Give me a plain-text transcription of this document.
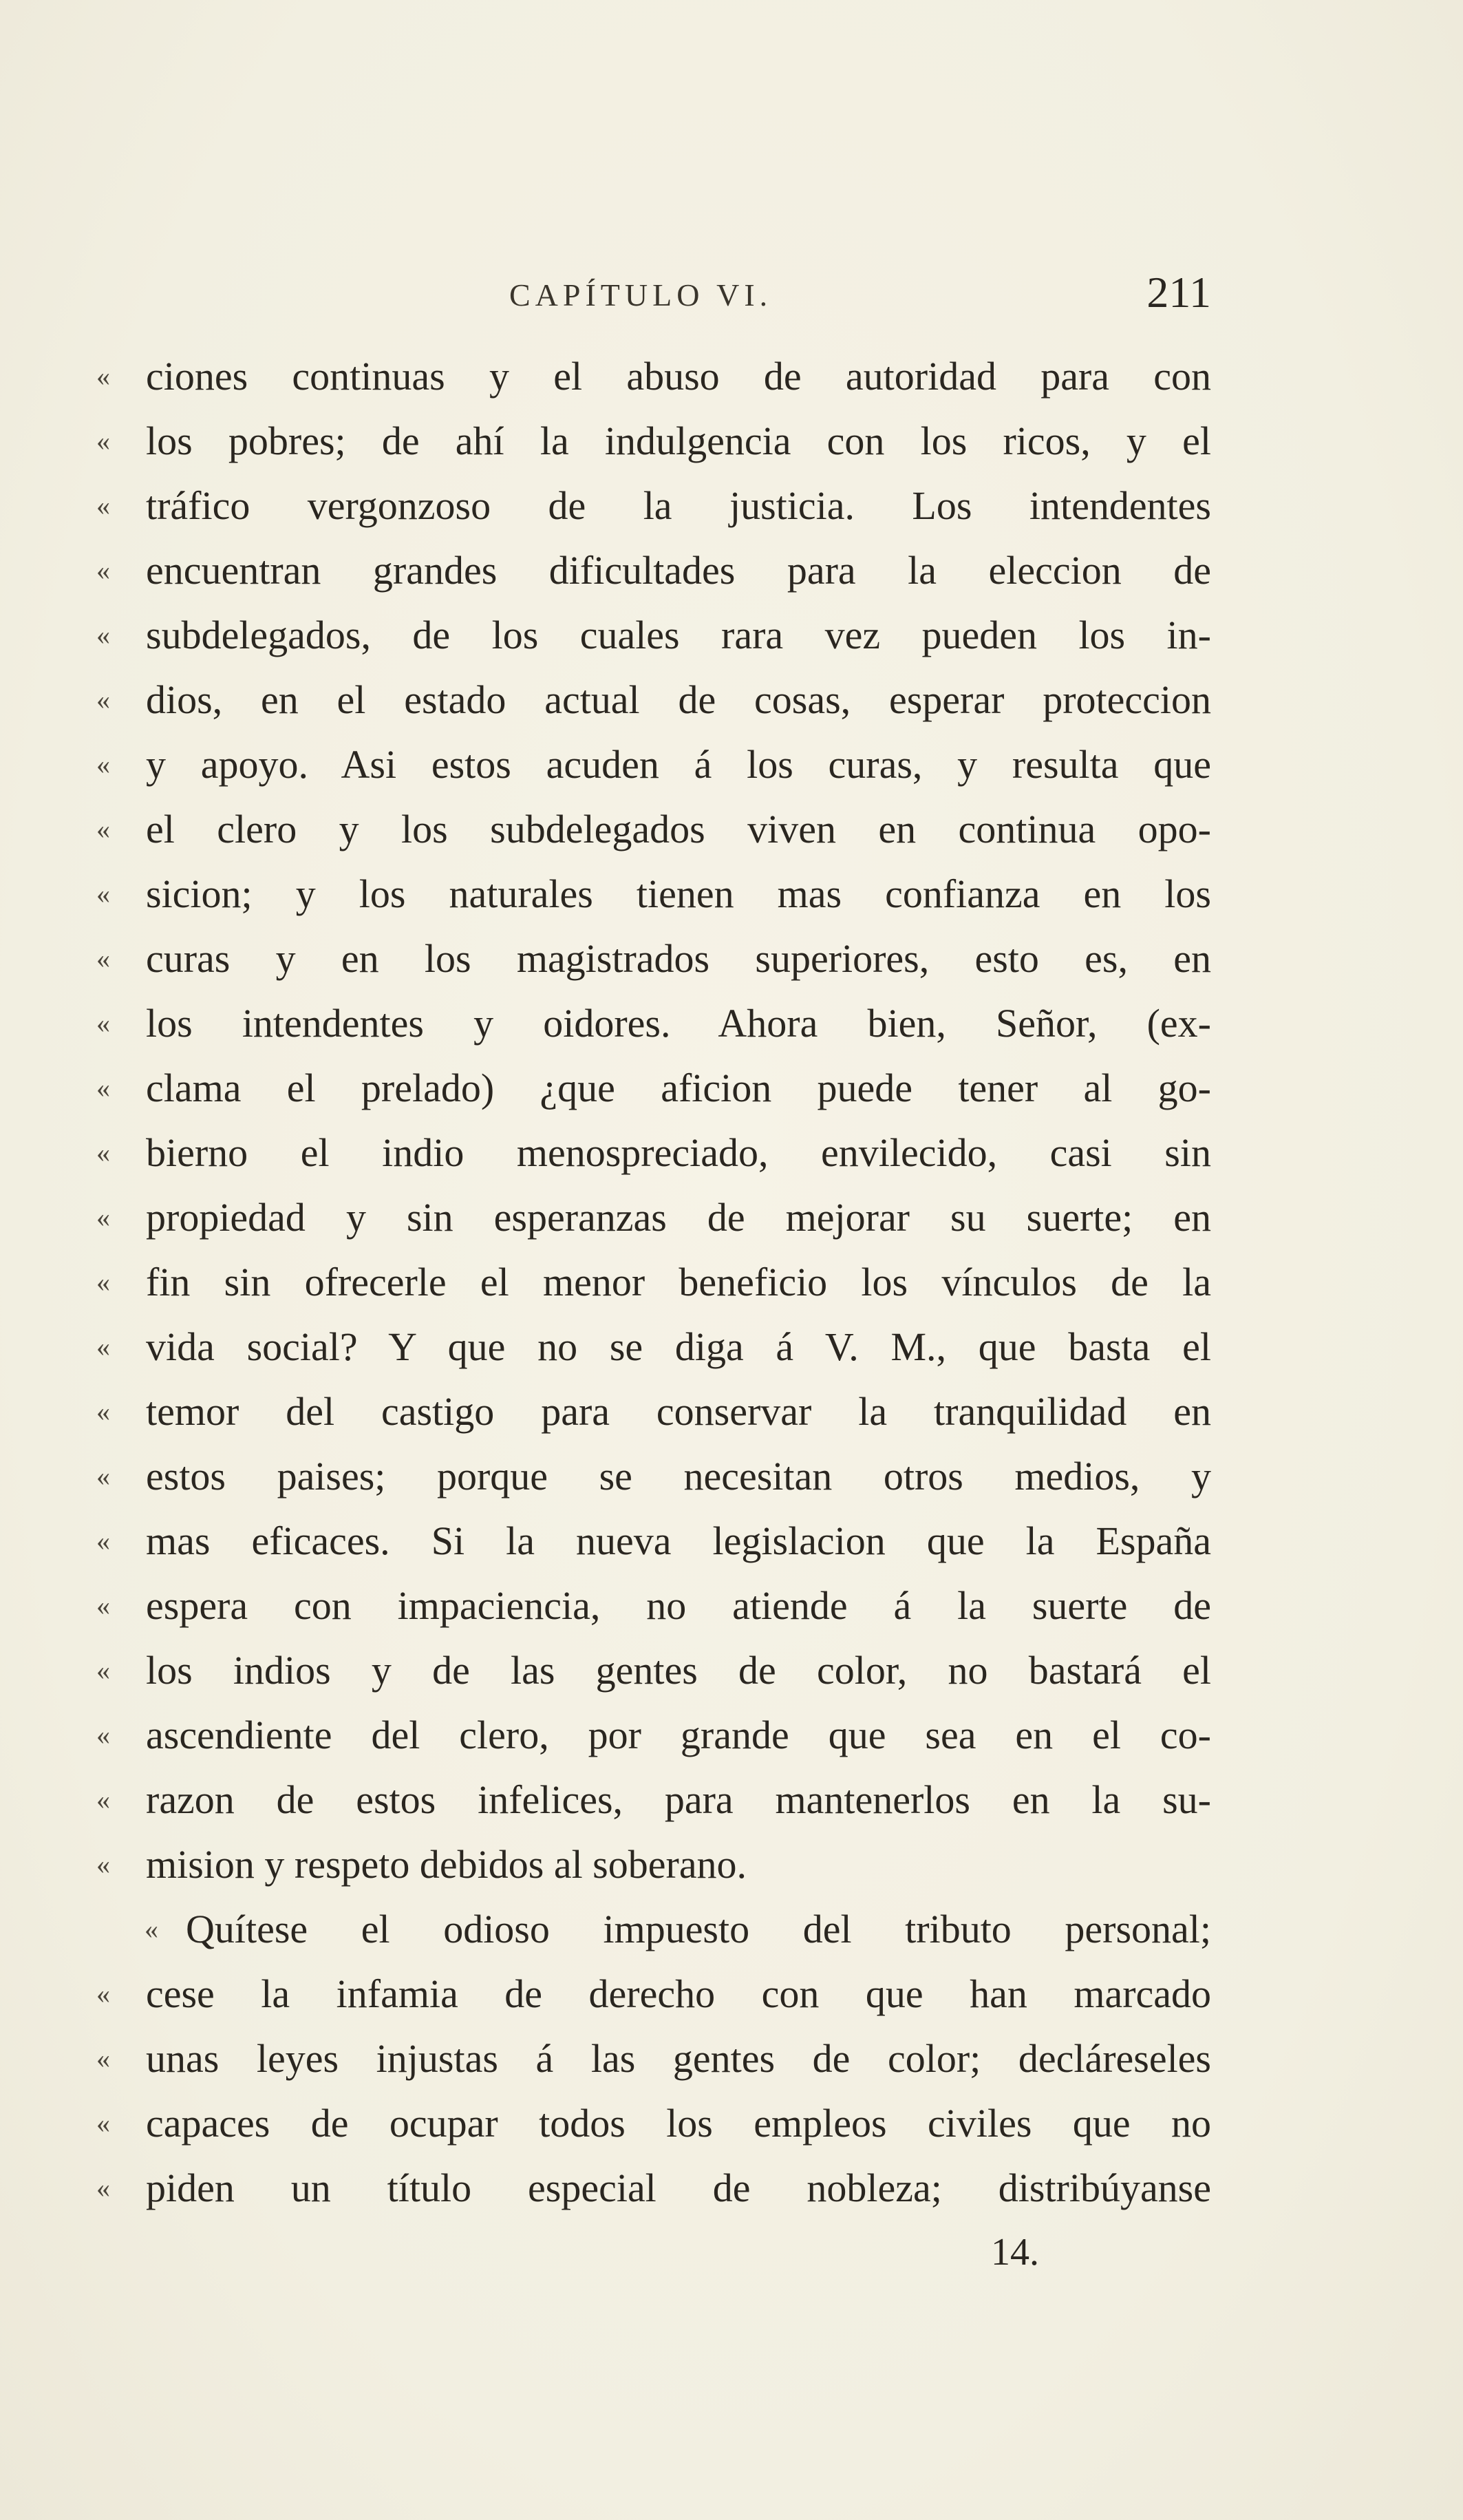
CAPÍTULO VI.	211
« ciones continuas y el abuso de autoridad para con
« los pobres; de ahí la indulgencia con los ricos, y el
« tráfico vergonzoso de la justicia. Los intendentes
« encuentran grandes dificultades para la eleccion de
« subdelegados, de los cuales rara vez pueden los in-
« dios, en el estado actual de cosas, esperar proteccion
« y apoyo. Asi estos acuden á los curas, y resulta que
« el clero y los subdelegados viven en continua opo-
« sicion; y los naturales tienen mas confianza en los
« curas y en los magistrados superiores, esto es, en
« los intendentes y oidores. Ahora bien, Señor, (ex-
« clama el prelado) ¿que aficion puede tener al go-
« bierno el indio menospreciado, envilecido, casi sin
« propiedad y sin esperanzas de mejorar su suerte; en
« fin sin ofrecerle el menor beneficio los vínculos de la
« vida social? Y que no se diga á V. M., que basta el
« temor del castigo para conservar la tranquilidad en
« estos paises; porque se necesitan otros medios, y
« mas eficaces. Si la nueva legislacion que la España
« espera con impaciencia, no atiende á la suerte de
« los indios y de las gentes de color, no bastará el
« ascendiente del clero, por grande que sea en el co-
« razon de estos infelices, para mantenerlos en la su-
« mision y respeto debidos al soberano.
« Quítese el odioso impuesto del tributo personal;
« cese la infamia de derecho con que han marcado
« unas leyes injustas á las gentes de color; decláreseles
« capaces de ocupar todos los empleos civiles que no
« piden un título especial de nobleza; distribúyanse
14.
